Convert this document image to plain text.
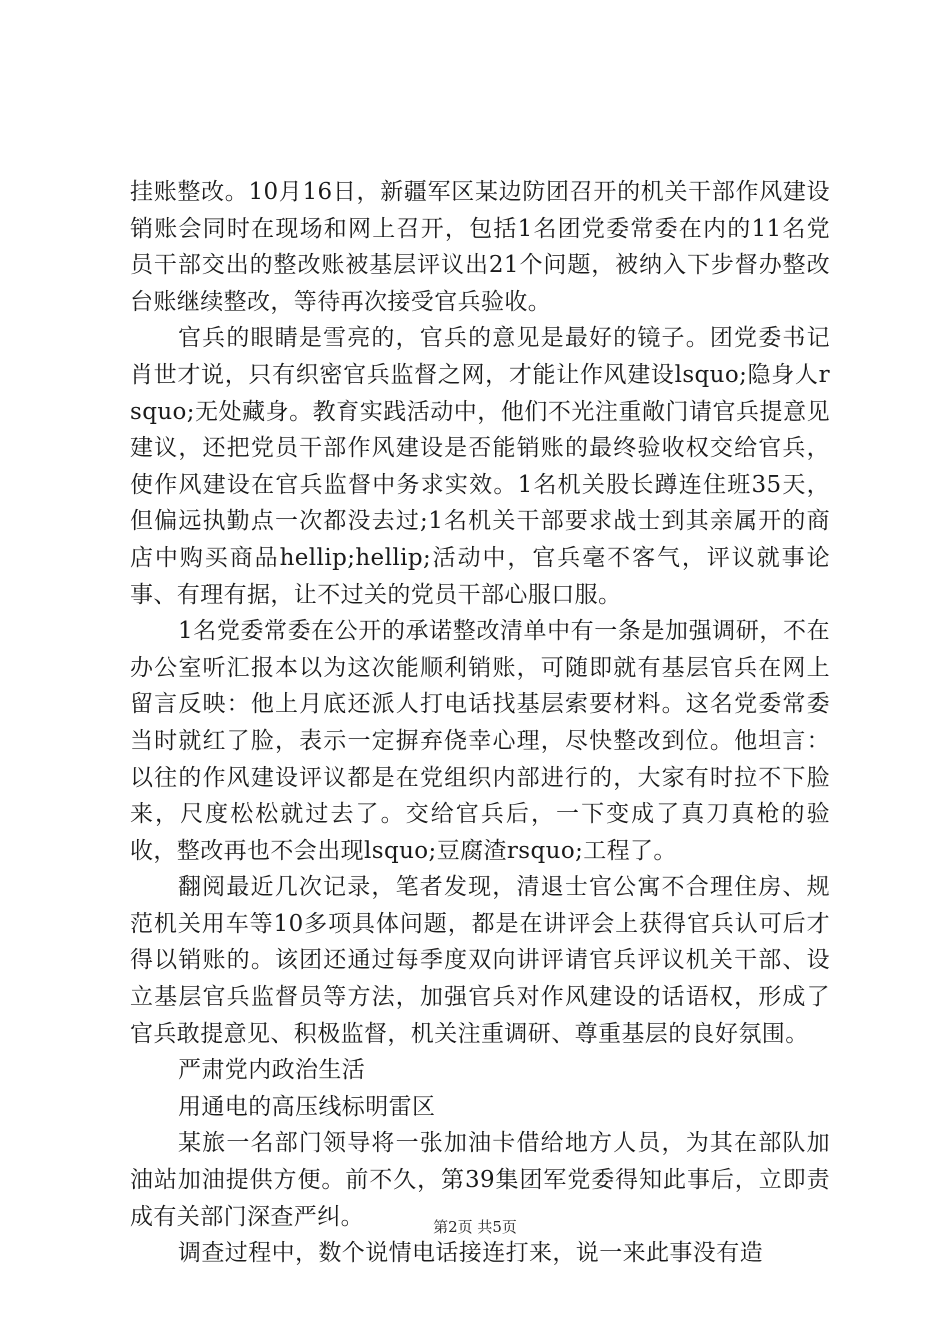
挂账整改。10月16日，新疆军区某边防团召开的机关干部作风建设销账会同时在现场和网上召开，包括1名团党委常委在内的11名党员干部交出的整改账被基层评议出21个问题，被纳入下步督办整改台账继续整改，等待再次接受官兵验收。

官兵的眼睛是雪亮的，官兵的意见是最好的镜子。团党委书记肖世才说，只有织密官兵监督之网，才能让作风建设lsquo;隐身人rsquo;无处藏身。教育实践活动中，他们不光注重敞门请官兵提意见建议，还把党员干部作风建设是否能销账的最终验收权交给官兵，使作风建设在官兵监督中务求实效。1名机关股长蹲连住班35天，但偏远执勤点一次都没去过;1名机关干部要求战士到其亲属开的商店中购买商品hellip;hellip;活动中，官兵毫不客气，评议就事论事、有理有据，让不过关的党员干部心服口服。

1名党委常委在公开的承诺整改清单中有一条是加强调研，不在办公室听汇报本以为这次能顺利销账，可随即就有基层官兵在网上留言反映：他上月底还派人打电话找基层索要材料。这名党委常委当时就红了脸，表示一定摒弃侥幸心理，尽快整改到位。他坦言：以往的作风建设评议都是在党组织内部进行的，大家有时拉不下脸来，尺度松松就过去了。交给官兵后，一下变成了真刀真枪的验收，整改再也不会出现lsquo;豆腐渣rsquo;工程了。

翻阅最近几次记录，笔者发现，清退士官公寓不合理住房、规范机关用车等10多项具体问题，都是在讲评会上获得官兵认可后才得以销账的。该团还通过每季度双向讲评请官兵评议机关干部、设立基层官兵监督员等方法，加强官兵对作风建设的话语权，形成了官兵敢提意见、积极监督，机关注重调研、尊重基层的良好氛围。

严肃党内政治生活

用通电的高压线标明雷区

某旅一名部门领导将一张加油卡借给地方人员，为其在部队加油站加油提供方便。前不久，第39集团军党委得知此事后，立即责成有关部门深查严纠。

调查过程中，数个说情电话接连打来，说一来此事没有造

第2页 共5页
